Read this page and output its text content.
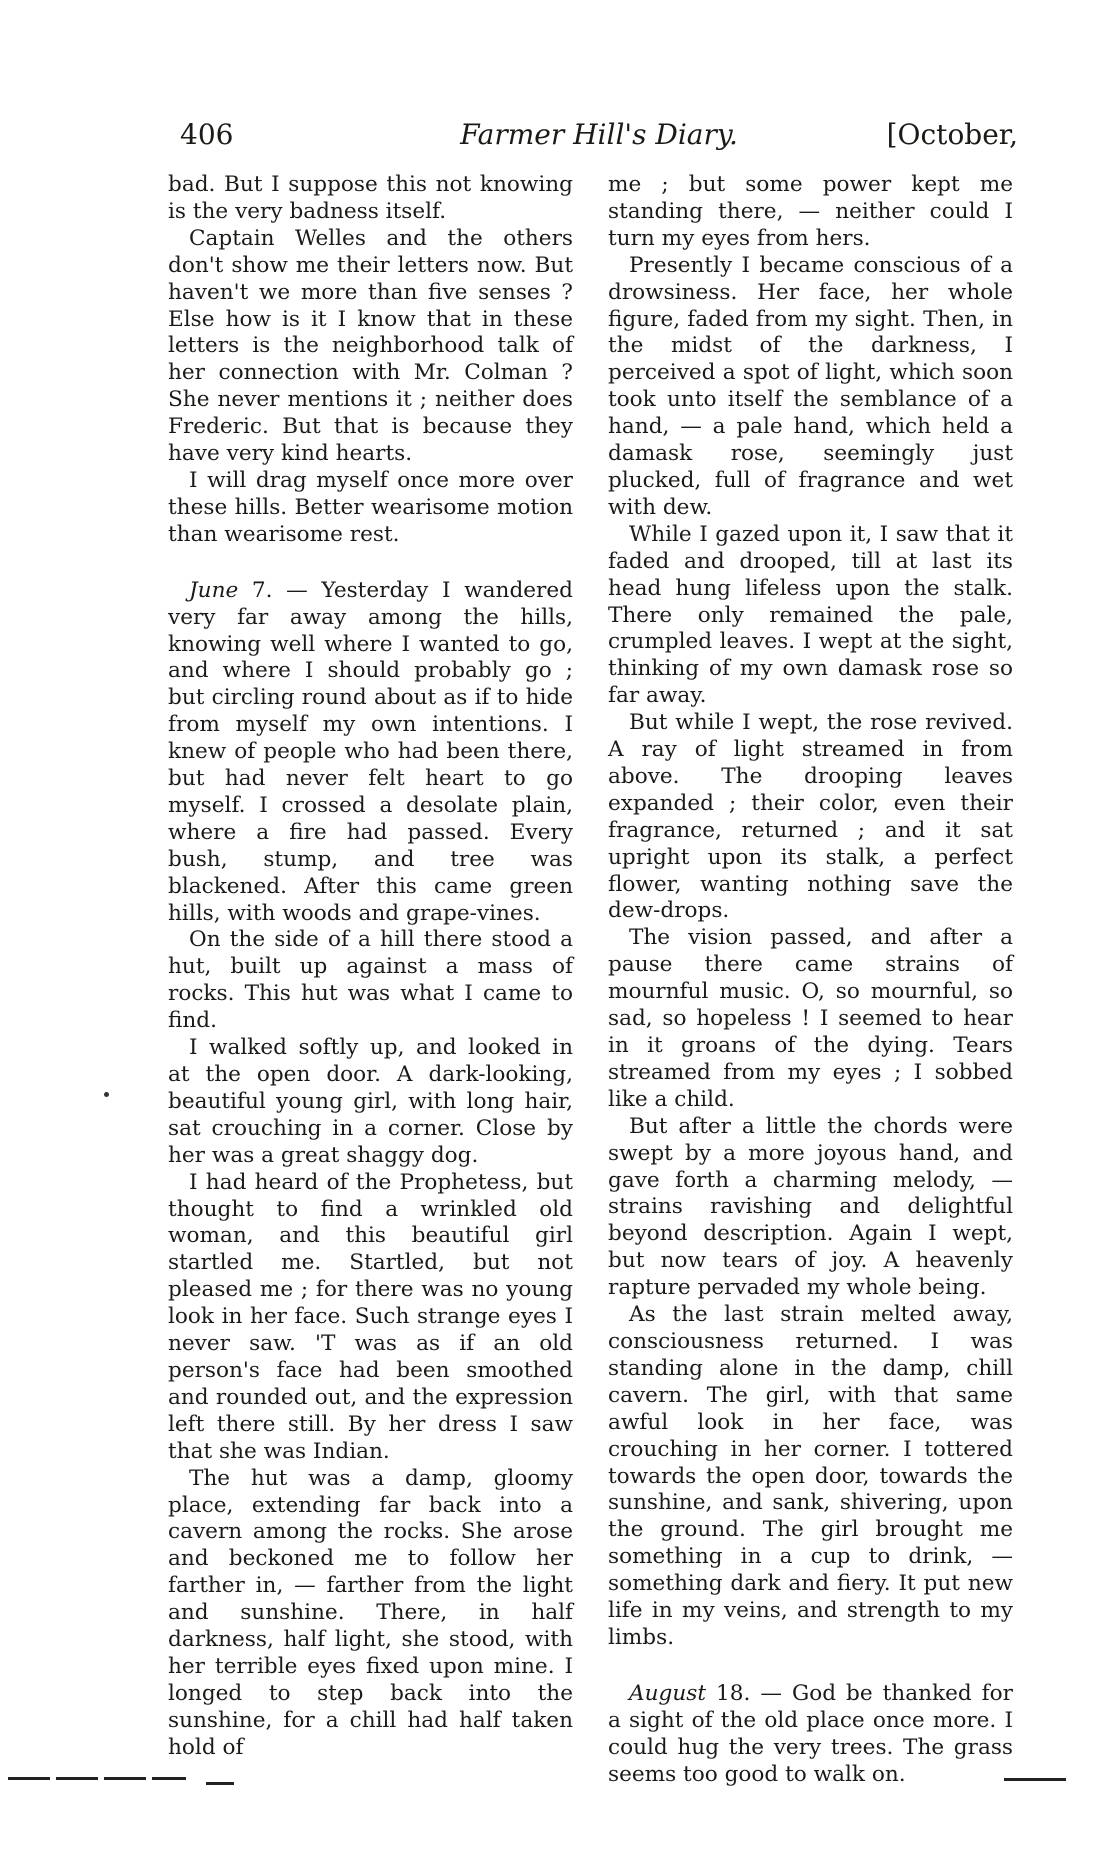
406	Farmer Hill's Diary.	[October,

bad. But I suppose this not knowing is the very badness itself.

Captain Welles and the others don't show me their letters now. But haven't we more than five senses ? Else how is it I know that in these letters is the neighborhood talk of her connection with Mr. Colman ? She never mentions it ; neither does Frederic. But that is because they have very kind hearts.

I will drag myself once more over these hills. Better wearisome motion than wearisome rest.

June 7. — Yesterday I wandered very far away among the hills, knowing well where I wanted to go, and where I should probably go ; but circling round about as if to hide from myself my own intentions. I knew of people who had been there, but had never felt heart to go myself. I crossed a desolate plain, where a fire had passed. Every bush, stump, and tree was blackened. After this came green hills, with woods and grape-vines.

On the side of a hill there stood a hut, built up against a mass of rocks. This hut was what I came to find.

I walked softly up, and looked in at the open door. A dark-looking, beautiful young girl, with long hair, sat crouching in a corner. Close by her was a great shaggy dog.

I had heard of the Prophetess, but thought to find a wrinkled old woman, and this beautiful girl startled me. Startled, but not pleased me ; for there was no young look in her face. Such strange eyes I never saw. 'T was as if an old person's face had been smoothed and rounded out, and the expression left there still. By her dress I saw that she was Indian.

The hut was a damp, gloomy place, extending far back into a cavern among the rocks. She arose and beckoned me to follow her farther in, — farther from the light and sunshine. There, in half darkness, half light, she stood, with her terrible eyes fixed upon mine. I longed to step back into the sunshine, for a chill had half taken hold of

me ; but some power kept me standing there, — neither could I turn my eyes from hers.

Presently I became conscious of a drowsiness. Her face, her whole figure, faded from my sight. Then, in the midst of the darkness, I perceived a spot of light, which soon took unto itself the semblance of a hand, — a pale hand, which held a damask rose, seemingly just plucked, full of fragrance and wet with dew.

While I gazed upon it, I saw that it faded and drooped, till at last its head hung lifeless upon the stalk. There only remained the pale, crumpled leaves. I wept at the sight, thinking of my own damask rose so far away.

But while I wept, the rose revived. A ray of light streamed in from above. The drooping leaves expanded ; their color, even their fragrance, returned ; and it sat upright upon its stalk, a perfect flower, wanting nothing save the dew-drops.

The vision passed, and after a pause there came strains of mournful music. O, so mournful, so sad, so hopeless ! I seemed to hear in it groans of the dying. Tears streamed from my eyes ; I sobbed like a child.

But after a little the chords were swept by a more joyous hand, and gave forth a charming melody, — strains ravishing and delightful beyond description. Again I wept, but now tears of joy. A heavenly rapture pervaded my whole being.

As the last strain melted away, consciousness returned. I was standing alone in the damp, chill cavern. The girl, with that same awful look in her face, was crouching in her corner. I tottered towards the open door, towards the sunshine, and sank, shivering, upon the ground. The girl brought me something in a cup to drink, — something dark and fiery. It put new life in my veins, and strength to my limbs.

August 18. — God be thanked for a sight of the old place once more. I could hug the very trees. The grass seems too good to walk on.
